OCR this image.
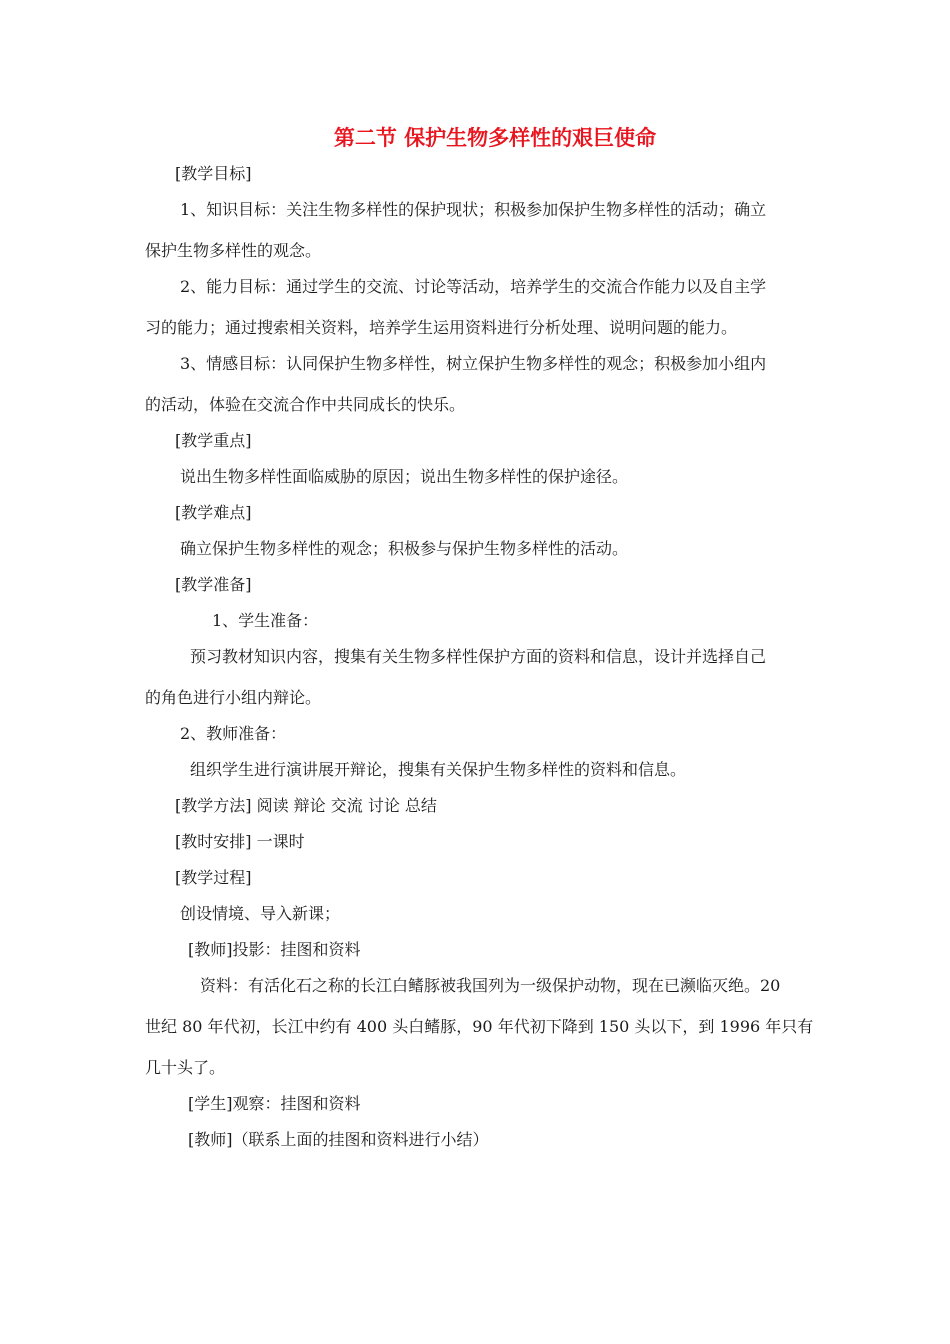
第二节 保护生物多样性的艰巨使命
[教学目标]
1、知识目标：关注生物多样性的保护现状；积极参加保护生物多样性的活动；确立
保护生物多样性的观念。
2、能力目标：通过学生的交流、讨论等活动，培养学生的交流合作能力以及自主学
习的能力；通过搜索相关资料，培养学生运用资料进行分析处理、说明问题的能力。
3、情感目标：认同保护生物多样性，树立保护生物多样性的观念；积极参加小组内
的活动，体验在交流合作中共同成长的快乐。
[教学重点]
说出生物多样性面临威胁的原因；说出生物多样性的保护途径。
[教学难点]
确立保护生物多样性的观念；积极参与保护生物多样性的活动。
[教学准备]
1、学生准备：
预习教材知识内容，搜集有关生物多样性保护方面的资料和信息，设计并选择自己
的角色进行小组内辩论。
2、教师准备：
组织学生进行演讲展开辩论，搜集有关保护生物多样性的资料和信息。
[教学方法] 阅读 辩论 交流 讨论 总结
[教时安排] 一课时
[教学过程]
创设情境、导入新课；
[教师]投影：挂图和资料
资料：有活化石之称的长江白鳍豚被我国列为一级保护动物，现在已濒临灭绝。20
世纪 80 年代初，长江中约有 400 头白鳍豚，90 年代初下降到 150 头以下，到 1996 年只有
几十头了。
[学生]观察：挂图和资料
[教师]（联系上面的挂图和资料进行小结）
